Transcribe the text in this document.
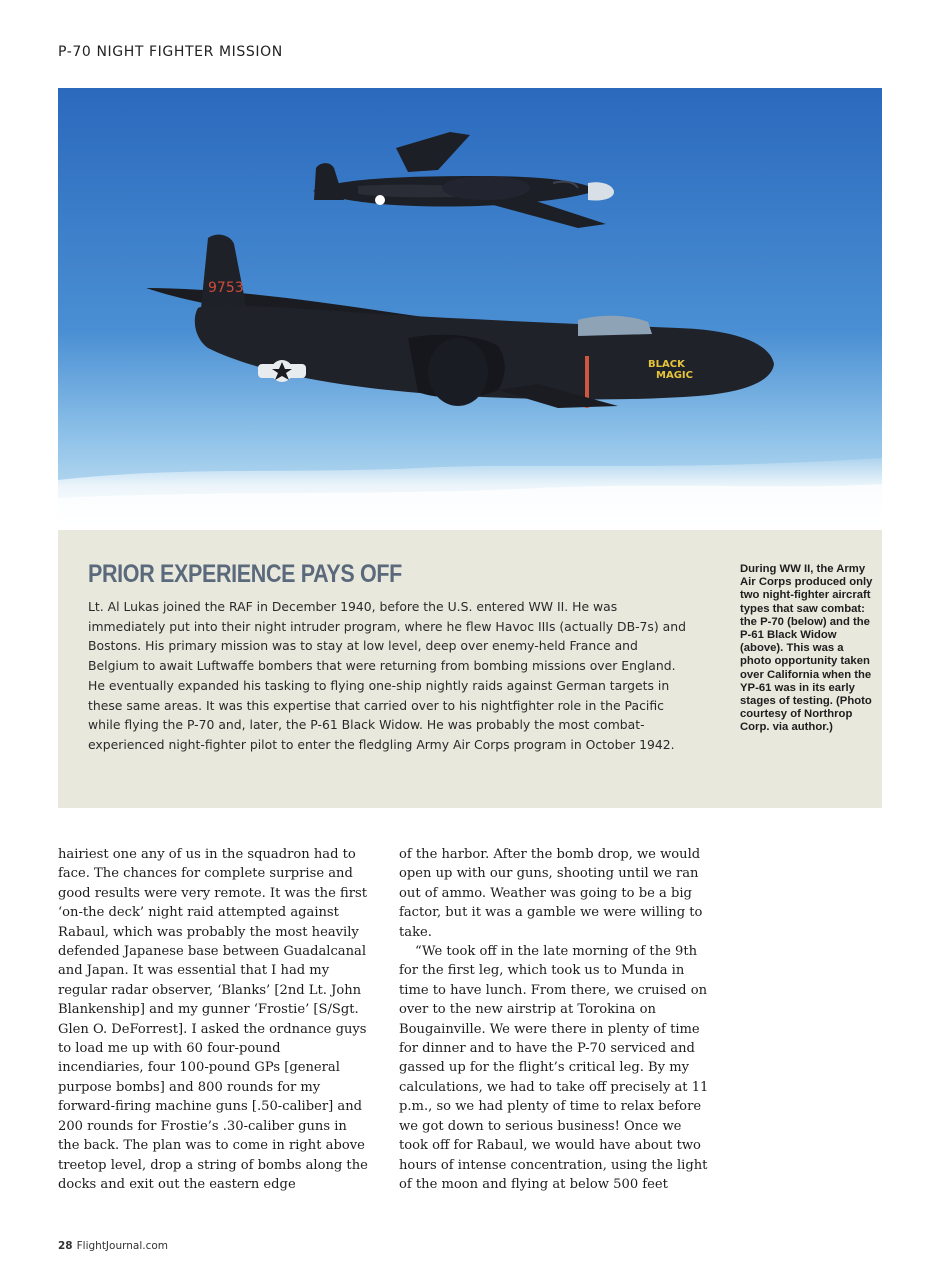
P-70 NIGHT FIGHTER MISSION
9753
BLACK
MAGIC
PRIOR EXPERIENCE PAYS OFF

Lt. Al Lukas joined the RAF in December 1940, before the U.S. entered WW II. He was immediately put into their night intruder program, where he flew Havoc IIIs (actually DB-7s) and Bostons. His primary mission was to stay at low level, deep over enemy-held France and Belgium to await Luftwaffe bombers that were returning from bombing missions over England. He eventually expanded his tasking to flying one-ship nightly raids against German targets in these same areas. It was this expertise that carried over to his nightfighter role in the Pacific while flying the P-70 and, later, the P-61 Black Widow. He was probably the most combat-experienced night-fighter pilot to enter the fledgling Army Air Corps program in October 1942.

During WW II, the Army Air Corps produced only two night-fighter aircraft types that saw combat: the P-70 (below) and the P-61 Black Widow (above). This was a photo opportunity taken over California when the YP-61 was in its early stages of testing. (Photo courtesy of Northrop Corp. via author.)

hairiest one any of us in the squadron had to face. The chances for complete surprise and good results were very remote. It was the first ‘on-the deck’ night raid attempted against Rabaul, which was probably the most heavily defended Japanese base between Guadalcanal and Japan. It was essential that I had my regular radar observer, ‘Blanks’ [2nd Lt. John Blankenship] and my gunner ‘Frostie’ [S/Sgt. Glen O. DeForrest]. I asked the ordnance guys to load me up with 60 four-pound incendiaries, four 100-pound GPs [general purpose bombs] and 800 rounds for my forward-firing machine guns [.50-caliber] and 200 rounds for Frostie’s .30-caliber guns in the back. The plan was to come in right above treetop level, drop a string of bombs along the docks and exit out the eastern edge

of the harbor. After the bomb drop, we would open up with our guns, shooting until we ran out of ammo. Weather was going to be a big factor, but it was a gamble we were willing to take.

“We took off in the late morning of the 9th for the first leg, which took us to Munda in time to have lunch. From there, we cruised on over to the new airstrip at Torokina on Bougainville. We were there in plenty of time for dinner and to have the P-70 serviced and gassed up for the flight’s critical leg. By my calculations, we had to take off precisely at 11 p.m., so we had plenty of time to relax before we got down to serious business! Once we took off for Rabaul, we would have about two hours of intense concentration, using the light of the moon and flying at below 500 feet

28 FlightJournal.com
